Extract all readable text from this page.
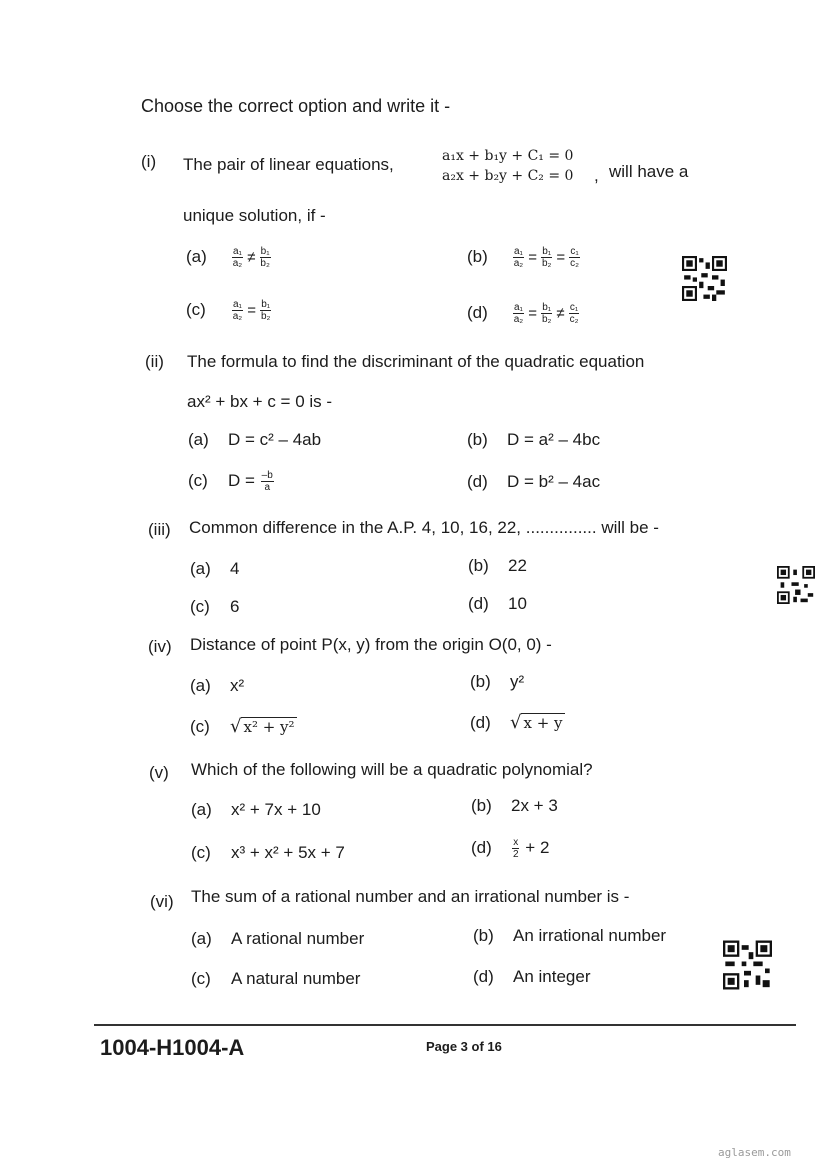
Choose the correct option and write it -
(i) The pair of linear equations,	a₁x + b₁y + C₁ = 0
a₂x + b₂y + C₂ = 0 , will have a
unique solution, if -
$(a) \frac{\text{a₁}}{\text{a₂}} \ne \frac{\text{b₁}}{\text{b₂}}$	$(b) \frac{\text{a₁}}{\text{a₂}} = \frac{\text{b₁}}{\text{b₂}} = \frac{\text{c₁}}{\text{c₂}}$
(c)	$\frac{\text{a₁}}{\text{a₂}} = \frac{\text{b₁}}{\text{b₂}}$	$(d) \frac{\text{a₁}}{\text{a₂}} = \frac{\text{b₁}}{\text{b₂}} \ne \frac{\text{c₁}}{\text{c₂}}$
(ii) The formula to find the discriminant of the quadratic equation
ax² + bx + c = 0 is -
(a) D = c² – 4ab	(b) D = a² – 4bc
(c) $D = \frac{-b}{a}$	(d) D = b² – 4ac
(iii) Common difference in the A.P. 4, 10, 16, 22, ............... will be -
(a) 4	(b) 22
(c) 6	(d) 10
(iv) Distance of point P(x, y) from the origin O(0, 0) -
(a) x²	(b) y²
(c) √ x² + y²	(d) √ x + y
(v) Which of the following will be a quadratic polynomial?
(a) x² + 7x + 10	(b) 2x + 3
(c) x³ + x² + 5x + 7	$(d) \frac{x}{2} + 2$
(vi) The sum of a rational number and an irrational number is -
(a) A rational number	(b) An irrational number
(c) A natural number	(d) An integer
1004-H1004-A	Page 3 of 16
aglasem.com
